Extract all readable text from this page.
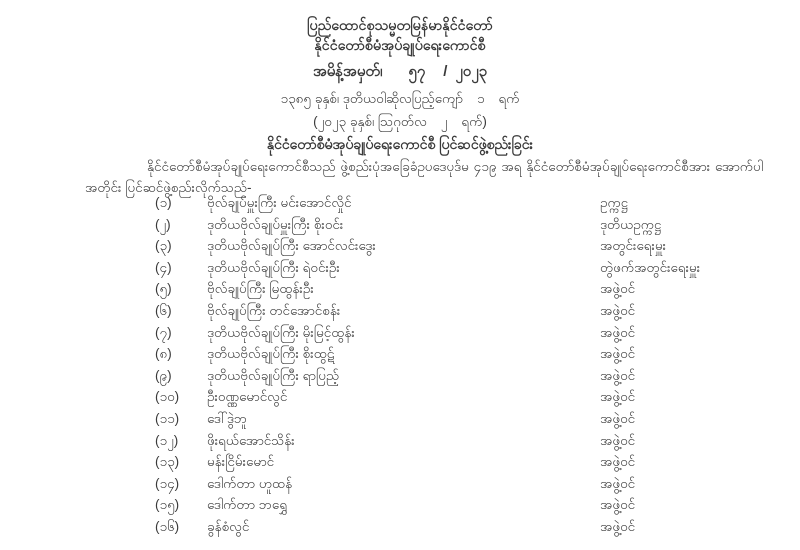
ပြည်ထောင်စုသမ္မတမြန်မာနိုင်ငံတော်
နိုင်ငံတော်စီမံအုပ်ချုပ်ရေးကောင်စီ
အမိန့်အမှတ်၊ ၅၇ / ၂၀၂၃
၁၃၈၅ ခုနှစ်၊ ဒုတိယဝါဆိုလပြည့်ကျော် ၁ ရက်
(၂၀၂၃ ခုနှစ်၊ ဩဂုတ်လ ၂ ရက်)
နိုင်ငံတော်စီမံအုပ်ချုပ်ရေးကောင်စီ ပြင်ဆင်ဖွဲ့စည်းခြင်း
နိုင်ငံတော်စီမံအုပ်ချုပ်ရေးကောင်စီသည် ဖွဲ့စည်းပုံအခြေခံဥပဒေပုဒ်မ ၄၁၉ အရ နိုင်ငံတော်စီမံအုပ်ချုပ်ရေးကောင်စီအား အောက်ပါအတိုင်း ပြင်ဆင်ဖွဲ့စည်းလိုက်သည်-
(၁)	ဗိုလ်ချုပ်မှူးကြီး မင်းအောင်လှိုင်	ဥက္ကဋ္ဌ
(၂)	ဒုတိယဗိုလ်ချုပ်မှူးကြီး စိုးဝင်း	ဒုတိယဥက္ကဋ္ဌ
(၃)	ဒုတိယဗိုလ်ချုပ်ကြီး အောင်လင်းဒွေး	အတွင်းရေးမှူး
(၄)	ဒုတိယဗိုလ်ချုပ်ကြီး ရဲဝင်းဦး	တွဲဖက်အတွင်းရေးမှူး
(၅)	ဗိုလ်ချုပ်ကြီး မြထွန်းဦး	အဖွဲ့ဝင်
(၆)	ဗိုလ်ချုပ်ကြီး တင်အောင်စန်း	အဖွဲ့ဝင်
(၇)	ဒုတိယဗိုလ်ချုပ်ကြီး မိုးမြင့်ထွန်း	အဖွဲ့ဝင်
(၈)	ဒုတိယဗိုလ်ချုပ်ကြီး စိုးထွဋ်	အဖွဲ့ဝင်
(၉)	ဒုတိယဗိုလ်ချုပ်ကြီး ရာပြည့်	အဖွဲ့ဝင်
(၁၀)	ဦးဝဏ္ဏမောင်လွင်	အဖွဲ့ဝင်
(၁၁)	ဒေါ်ဒွဲဘူ	အဖွဲ့ဝင်
(၁၂)	ဖိုးရယ်အောင်သိန်း	အဖွဲ့ဝင်
(၁၃)	မန်းငြိမ်းမောင်	အဖွဲ့ဝင်
(၁၄)	ဒေါက်တာ ဟူထန်	အဖွဲ့ဝင်
(၁၅)	ဒေါက်တာ ဘရွှေ	အဖွဲ့ဝင်
(၁၆)	ခွန်စံလွင်	အဖွဲ့ဝင်
